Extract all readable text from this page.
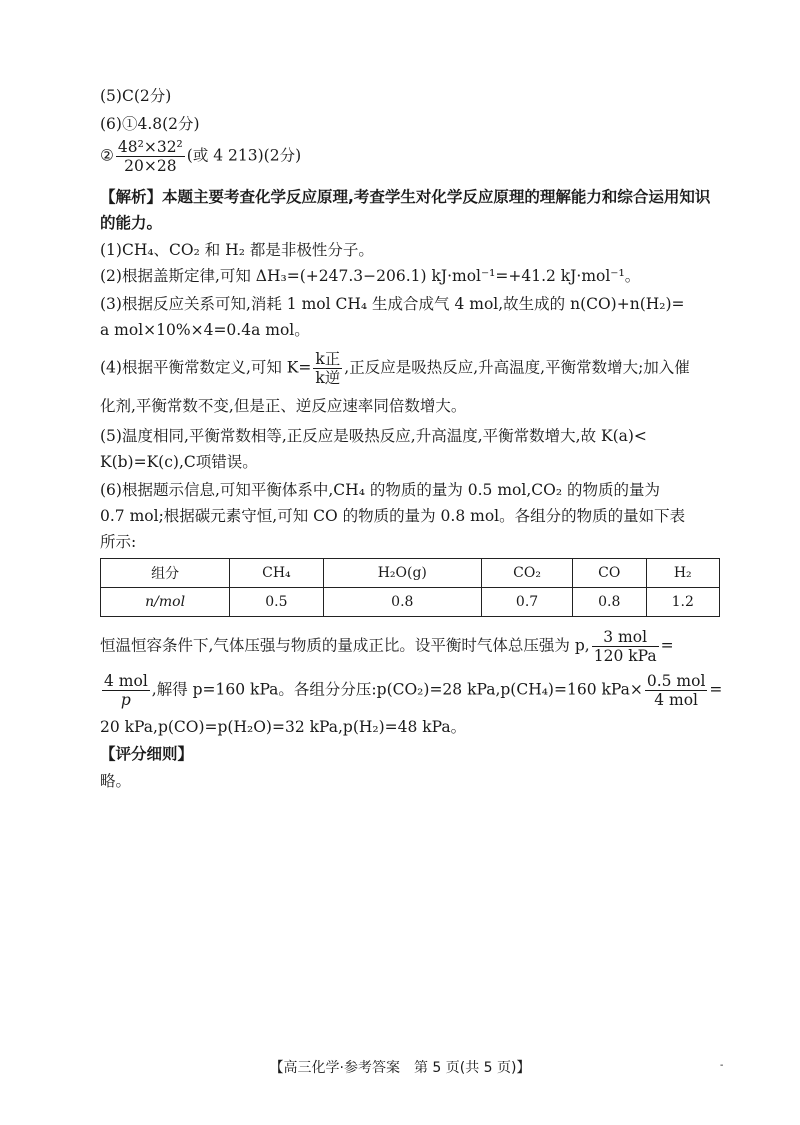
(5)C(2分)
(6)①4.8(2分)
② $\frac{\text{48²×32²}}{20\times 28}$ (或 4 213)(2分)
【解析】本题主要考查化学反应原理,考查学生对化学反应原理的理解能力和综合运用知识
的能力。
(1)CH₄、CO₂ 和 H₂ 都是非极性分子。
(2)根据盖斯定律,可知 ΔH₃=(+247.3−206.1) kJ·mol⁻¹=+41.2 kJ·mol⁻¹。
(3)根据反应关系可知,消耗 1 mol CH₄ 生成合成气 4 mol,故生成的 n(CO)+n(H₂)=
a mol×10%×4=0.4a mol。
(4)根据平衡常数定义,可知 $K= \frac{\text{k正}}{\text{k逆}}$ ,正反应是吸热反应,升高温度,平衡常数增大;加入催
化剂,平衡常数不变,但是正、逆反应速率同倍数增大。
(5)温度相同,平衡常数相等,正反应是吸热反应,升高温度,平衡常数增大,故 K(a)<
K(b)=K(c),C项错误。
(6)根据题示信息,可知平衡体系中,CH₄ 的物质的量为 0.5 mol,CO₂ 的物质的量为
0.7 mol;根据碳元素守恒,可知 CO 的物质的量为 0.8 mol。各组分的物质的量如下表
所示:
组分	CH₄	H₂O(g)	CO₂	CO	H₂
n/mol	0.5	0.8	0.7	0.8	1.2
恒温恒容条件下,气体压强与物质的量成正比。设平衡时气体总压强为 p, $\frac{\text{3 mol}}{\text{120 kPa}}$ =
$\frac{\text{4 mol}}{p}$ ,解得 p=160 kPa。各组分分压:p(CO₂)=28 kPa,p(CH₄)=160 $kPa\times \frac{\text{0.5 mol}}{\text{4 mol}}$ =
20 kPa,p(CO)=p(H₂O)=32 kPa,p(H₂)=48 kPa。
【评分细则】
略。
【高三化学·参考答案　第 5 页(共 5 页)】	-
